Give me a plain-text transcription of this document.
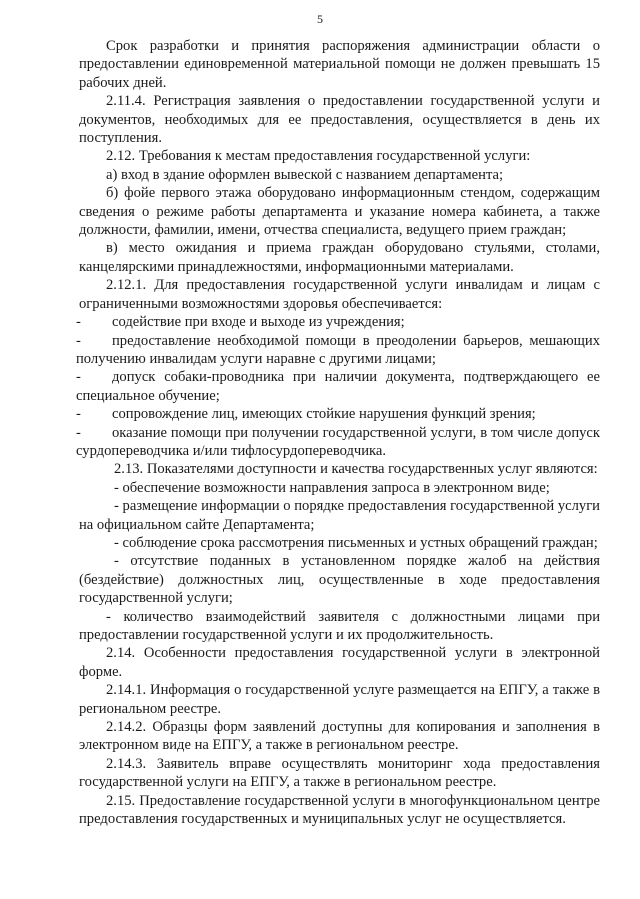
5

Срок разработки и принятия распоряжения администрации области о предоставлении единовременной материальной помощи не должен превышать 15 рабочих дней.

2.11.4. Регистрация заявления о предоставлении государственной услуги и документов, необходимых для ее предоставления, осуществляется в день их поступления.

2.12. Требования к местам предоставления государственной услуги:

а) вход в здание оформлен вывеской с названием департамента;

б) фойе первого этажа оборудовано информационным стендом, содержащим сведения о режиме работы департамента и указание номера кабинета, а также должности, фамилии, имени, отчества специалиста, ведущего прием граждан;

в) место ожидания и приема граждан оборудовано стульями, столами, канцелярскими принадлежностями, информационными материалами.

2.12.1. Для предоставления государственной услуги инвалидам и лицам с ограниченными возможностями здоровья обеспечивается:

- содействие при входе и выходе из учреждения;

- предоставление необходимой помощи в преодолении барьеров, мешающих получению инвалидам услуги наравне с другими лицами;

- допуск собаки-проводника при наличии документа, подтверждающего ее специальное обучение;

- сопровождение лиц, имеющих стойкие нарушения функций зрения;

- оказание помощи при получении государственной услуги, в том числе допуск сурдопереводчика и/или тифлосурдопереводчика.

2.13. Показателями доступности и качества государственных услуг являются:

- обеспечение возможности направления запроса в электронном виде;

- размещение информации о порядке предоставления государственной услуги на официальном сайте Департамента;

- соблюдение срока рассмотрения письменных и устных обращений граждан;

- отсутствие поданных в установленном порядке жалоб на действия (бездействие) должностных лиц, осуществленные в ходе предоставления государственной услуги;

- количество взаимодействий заявителя с должностными лицами при предоставлении государственной услуги и их продолжительность.

2.14. Особенности предоставления государственной услуги в электронной форме.

2.14.1. Информация о государственной услуге размещается на ЕПГУ, а также в региональном реестре.

2.14.2. Образцы форм заявлений доступны для копирования и заполнения в электронном виде на ЕПГУ, а также в региональном реестре.

2.14.3. Заявитель вправе осуществлять мониторинг хода предоставления государственной услуги на ЕПГУ, а также в региональном реестре.

2.15. Предоставление государственной услуги в многофункциональном центре предоставления государственных и муниципальных услуг не осуществляется.
